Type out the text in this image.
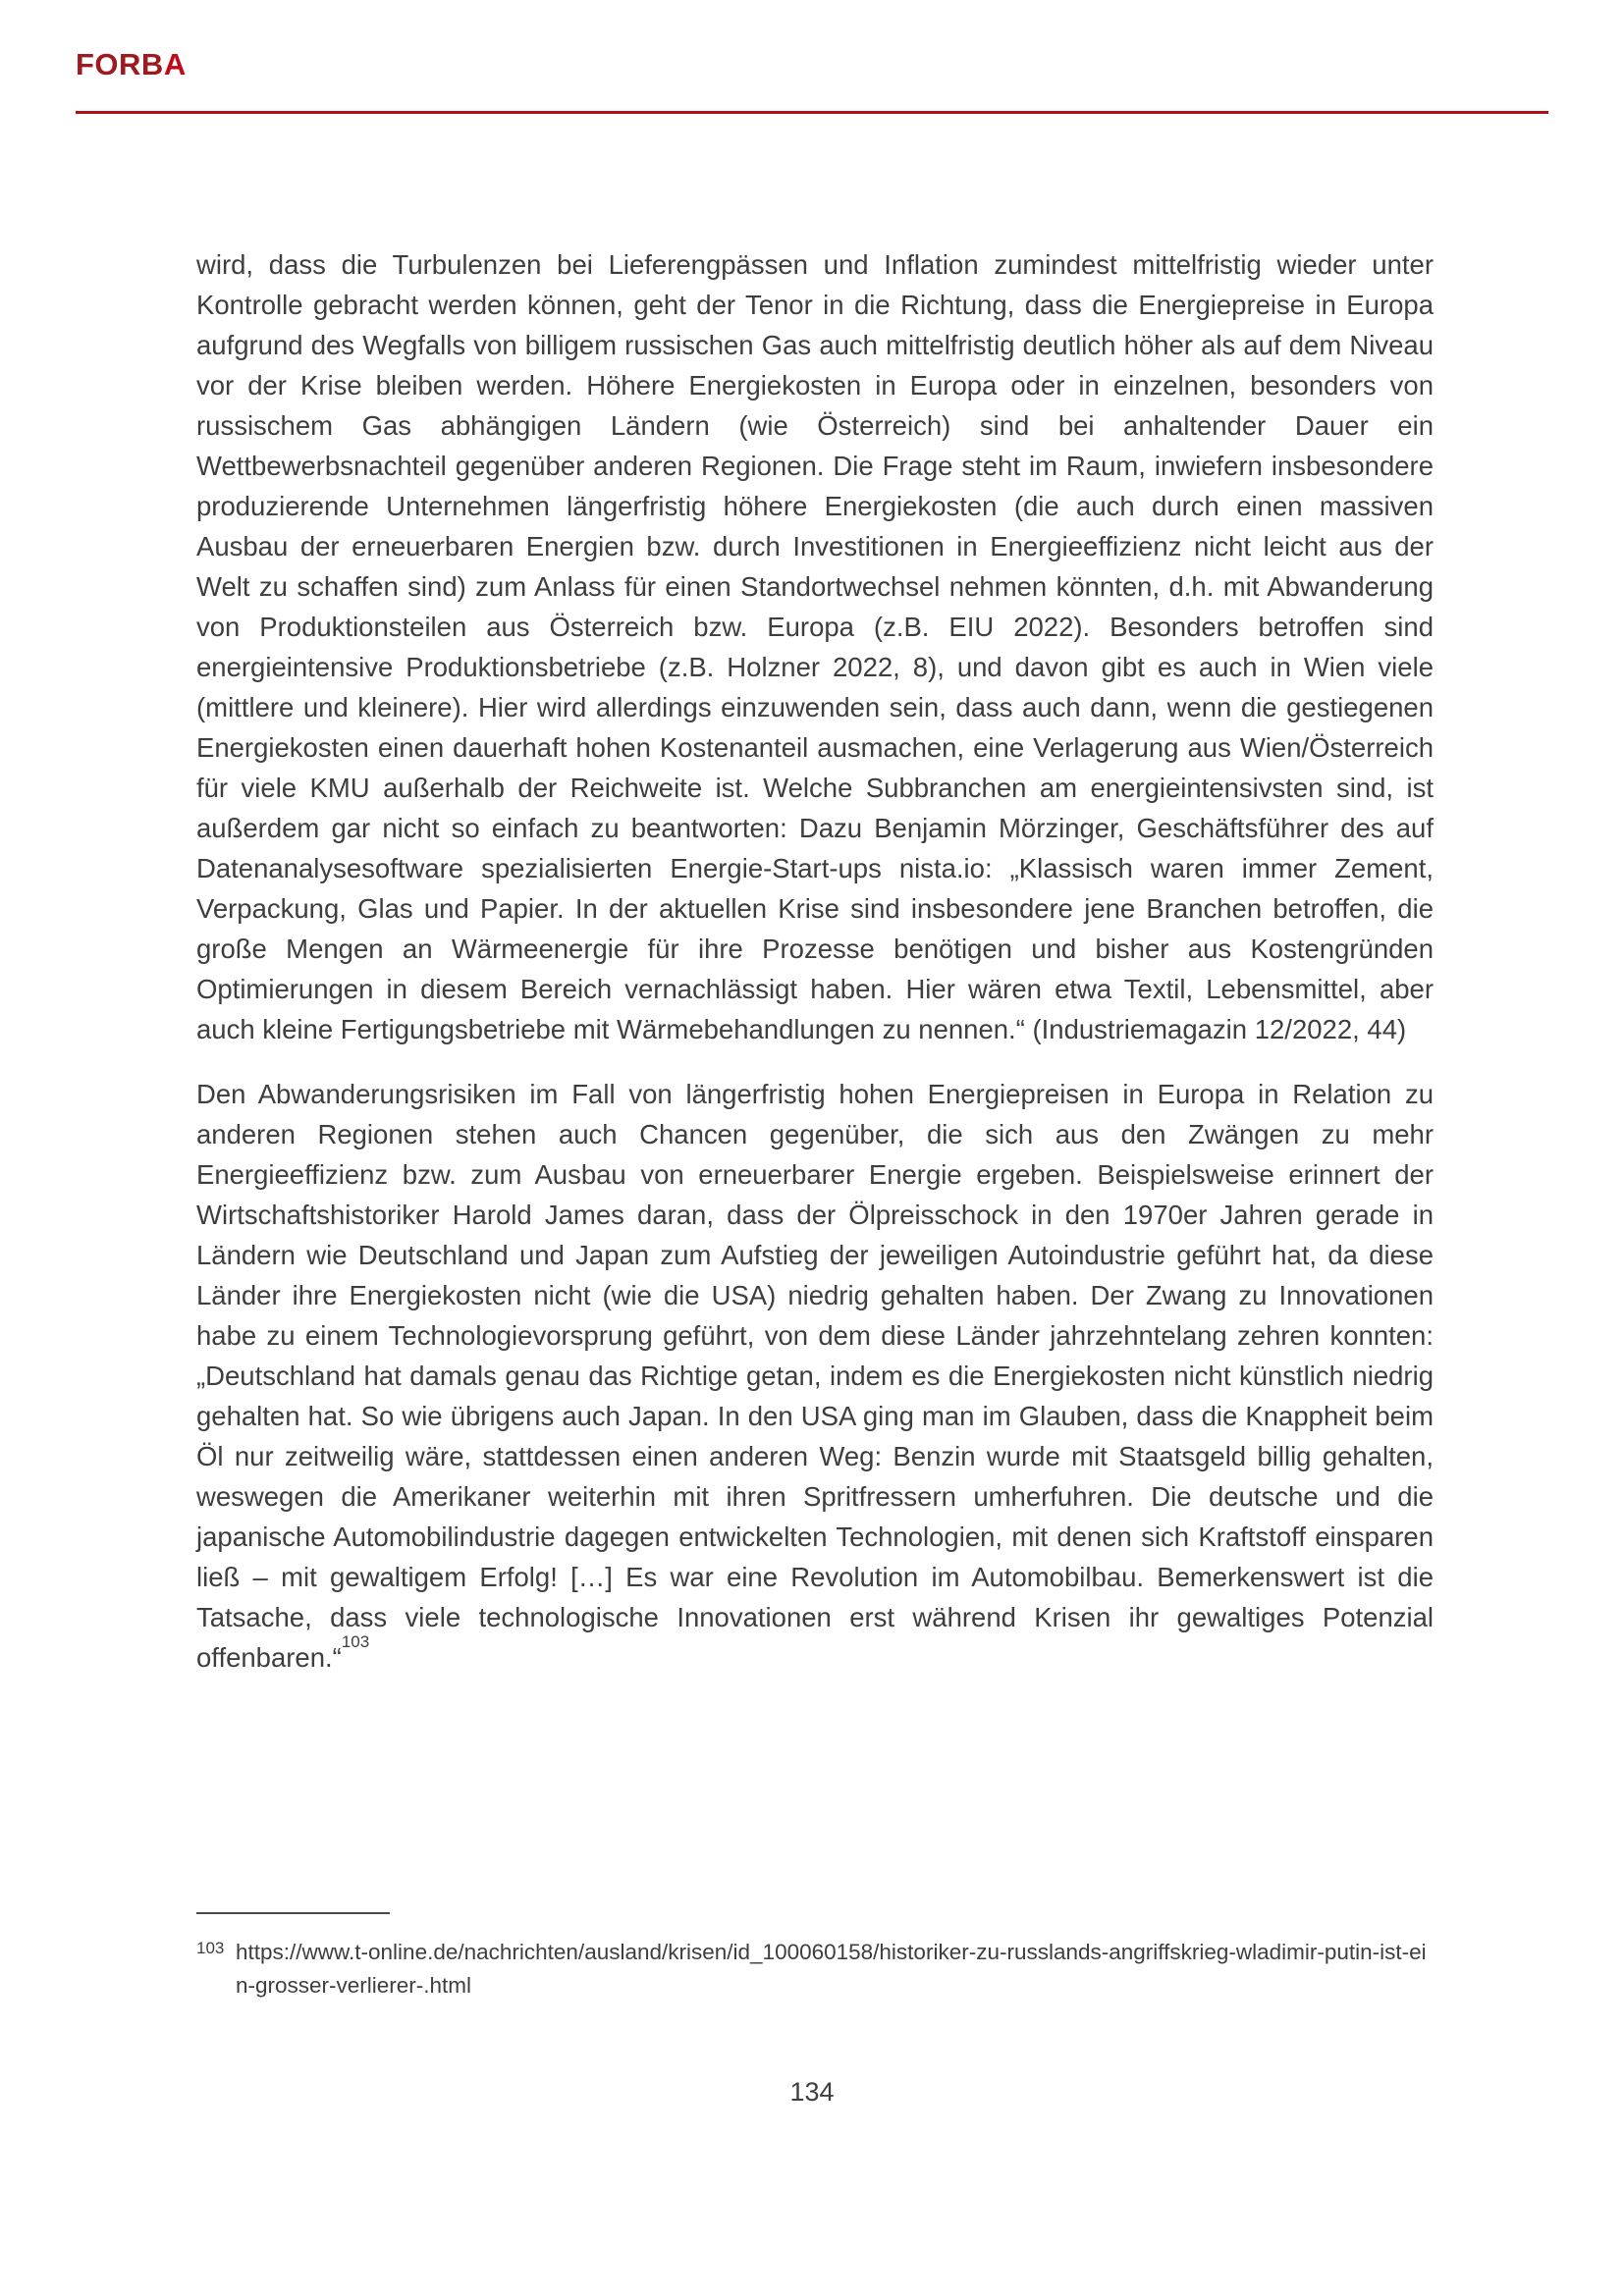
FORBA

wird, dass die Turbulenzen bei Lieferengpässen und Inflation zumindest mittelfristig wieder unter Kontrolle gebracht werden können, geht der Tenor in die Richtung, dass die Energiepreise in Europa aufgrund des Wegfalls von billigem russischen Gas auch mittelfristig deutlich höher als auf dem Niveau vor der Krise bleiben werden. Höhere Energiekosten in Europa oder in einzelnen, besonders von russischem Gas abhängigen Ländern (wie Österreich) sind bei anhaltender Dauer ein Wettbewerbsnachteil gegenüber anderen Regionen. Die Frage steht im Raum, inwiefern insbesondere produzierende Unternehmen längerfristig höhere Energiekosten (die auch durch einen massiven Ausbau der erneuerbaren Energien bzw. durch Investitionen in Energieeffizienz nicht leicht aus der Welt zu schaffen sind) zum Anlass für einen Standortwechsel nehmen könnten, d.h. mit Abwanderung von Produktionsteilen aus Österreich bzw. Europa (z.B. EIU 2022). Besonders betroffen sind energieintensive Produktionsbetriebe (z.B. Holzner 2022, 8), und davon gibt es auch in Wien viele (mittlere und kleinere). Hier wird allerdings einzuwenden sein, dass auch dann, wenn die gestiegenen Energiekosten einen dauerhaft hohen Kostenanteil ausmachen, eine Verlagerung aus Wien/Österreich für viele KMU außerhalb der Reichweite ist. Welche Subbranchen am energieintensivsten sind, ist außerdem gar nicht so einfach zu beantworten: Dazu Benjamin Mörzinger, Geschäftsführer des auf Datenanalysesoftware spezialisierten Energie-Start-ups nista.io: „Klassisch waren immer Zement, Verpackung, Glas und Papier. In der aktuellen Krise sind insbesondere jene Branchen betroffen, die große Mengen an Wärmeenergie für ihre Prozesse benötigen und bisher aus Kostengründen Optimierungen in diesem Bereich vernachlässigt haben. Hier wären etwa Textil, Lebensmittel, aber auch kleine Fertigungsbetriebe mit Wärmebehandlungen zu nennen.“ (Industriemagazin 12/2022, 44)

Den Abwanderungsrisiken im Fall von längerfristig hohen Energiepreisen in Europa in Relation zu anderen Regionen stehen auch Chancen gegenüber, die sich aus den Zwängen zu mehr Energieeffizienz bzw. zum Ausbau von erneuerbarer Energie ergeben. Beispielsweise erinnert der Wirtschaftshistoriker Harold James daran, dass der Ölpreisschock in den 1970er Jahren gerade in Ländern wie Deutschland und Japan zum Aufstieg der jeweiligen Autoindustrie geführt hat, da diese Länder ihre Energiekosten nicht (wie die USA) niedrig gehalten haben. Der Zwang zu Innovationen habe zu einem Technologievorsprung geführt, von dem diese Länder jahrzehntelang zehren konnten: „Deutschland hat damals genau das Richtige getan, indem es die Energiekosten nicht künstlich niedrig gehalten hat. So wie übrigens auch Japan. In den USA ging man im Glauben, dass die Knappheit beim Öl nur zeitweilig wäre, stattdessen einen anderen Weg: Benzin wurde mit Staatsgeld billig gehalten, weswegen die Amerikaner weiterhin mit ihren Spritfressern umherfuhren. Die deutsche und die japanische Automobilindustrie dagegen entwickelten Technologien, mit denen sich Kraftstoff einsparen ließ – mit gewaltigem Erfolg! […] Es war eine Revolution im Automobilbau. Bemerkenswert ist die Tatsache, dass viele technologische Innovationen erst während Krisen ihr gewaltiges Potenzial offenbaren.“$^{103}$

103 https://www.t-online.de/nachrichten/ausland/krisen/id_100060158/historiker-zu-russlands-angriffskrieg-wladimir-putin-ist-ein-grosser-verlierer-.html
134
